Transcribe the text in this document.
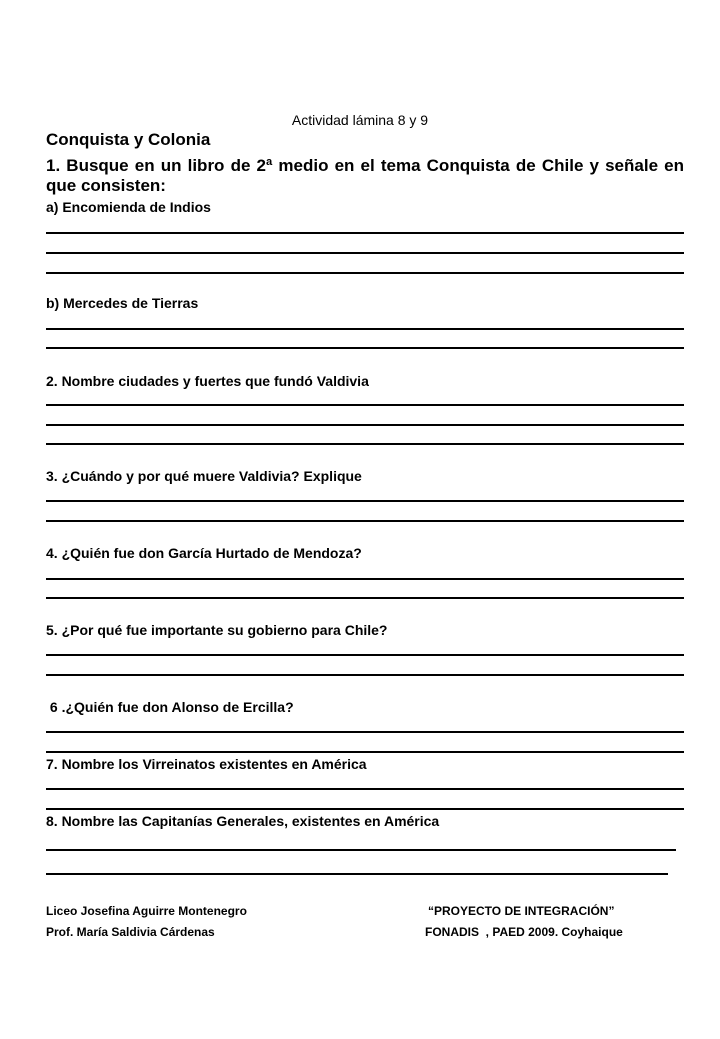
Actividad lámina 8 y 9
Conquista y Colonia
1. Busque en un libro de 2ª medio en el tema Conquista de Chile y señale en que consisten:
a) Encomienda de Indios
b) Mercedes de Tierras
2. Nombre ciudades y fuertes que fundó Valdivia
3. ¿Cuándo y por qué muere Valdivia? Explique
4. ¿Quién fue don García Hurtado de Mendoza?
5. ¿Por qué fue importante su gobierno para Chile?
6 .¿Quién fue don Alonso de Ercilla?
7. Nombre los Virreinatos existentes en América
8. Nombre las Capitanías Generales, existentes en América
Liceo Josefina Aguirre Montenegro
Prof. María Saldivia Cárdenas
“PROYECTO DE INTEGRACIÓN”
FONADIS  , PAED 2009. Coyhaique
